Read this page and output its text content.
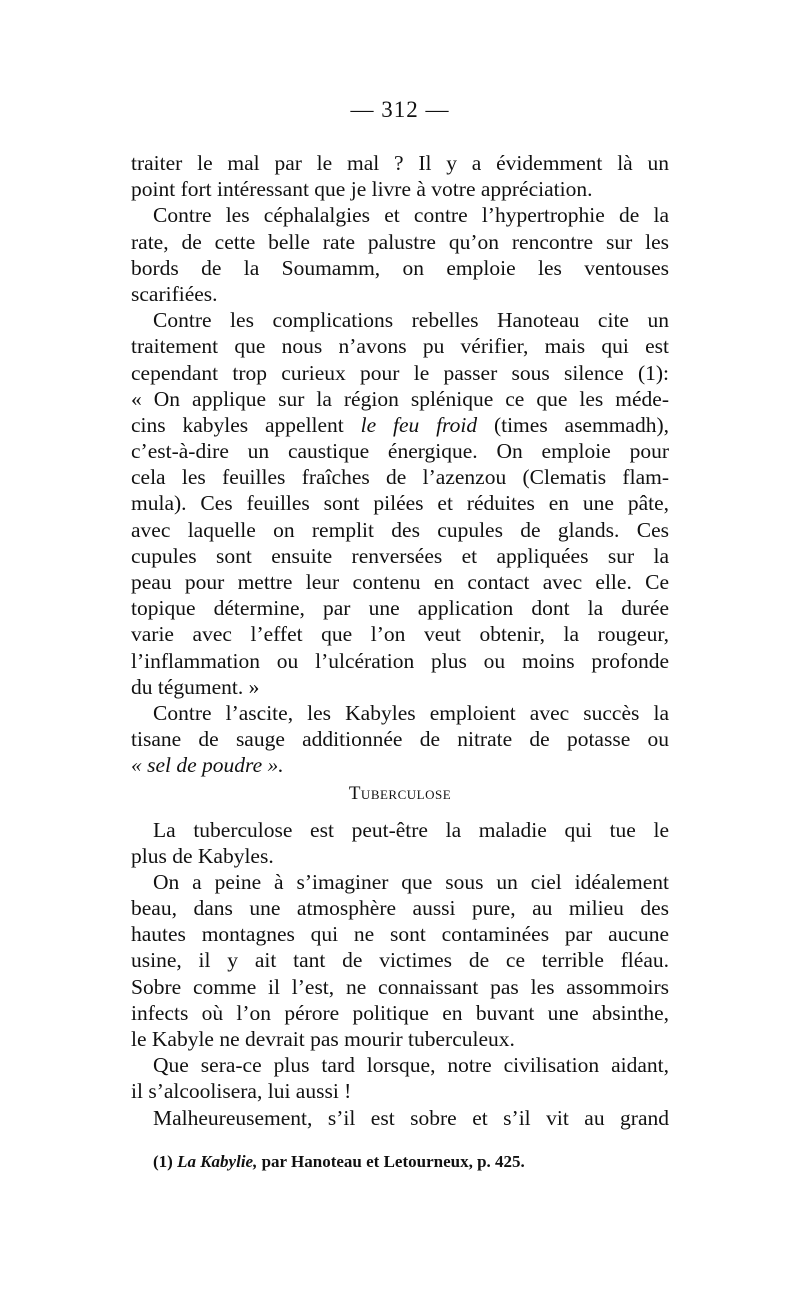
— 312 —
traiter le mal par le mal ? Il y a évidemment là un
point fort intéressant que je livre à votre appréciation.
Contre les céphalalgies et contre l’hypertrophie de la
rate, de cette belle rate palustre qu’on rencontre sur les
bords de la Soumamm, on emploie les ventouses
scarifiées.
Contre les complications rebelles Hanoteau cite un
traitement que nous n’avons pu vérifier, mais qui est
cependant trop curieux pour le passer sous silence (1):
« On applique sur la région splénique ce que les méde-
cins kabyles appellent le feu froid (times asemmadh),
c’est-à-dire un caustique énergique. On emploie pour
cela les feuilles fraîches de l’azenzou (Clematis flam-
mula). Ces feuilles sont pilées et réduites en une pâte,
avec laquelle on remplit des cupules de glands. Ces
cupules sont ensuite renversées et appliquées sur la
peau pour mettre leur contenu en contact avec elle. Ce
topique détermine, par une application dont la durée
varie avec l’effet que l’on veut obtenir, la rougeur,
l’inflammation ou l’ulcération plus ou moins profonde
du tégument. »
Contre l’ascite, les Kabyles emploient avec succès la
tisane de sauge additionnée de nitrate de potasse ou
« sel de poudre ».
Tuberculose
La tuberculose est peut-être la maladie qui tue le
plus de Kabyles.
On a peine à s’imaginer que sous un ciel idéalement
beau, dans une atmosphère aussi pure, au milieu des
hautes montagnes qui ne sont contaminées par aucune
usine, il y ait tant de victimes de ce terrible fléau.
Sobre comme il l’est, ne connaissant pas les assommoirs
infects où l’on pérore politique en buvant une absinthe,
le Kabyle ne devrait pas mourir tuberculeux.
Que sera-ce plus tard lorsque, notre civilisation aidant,
il s’alcoolisera, lui aussi !
Malheureusement, s’il est sobre et s’il vit au grand
(1) La Kabylie, par Hanoteau et Letourneux, p. 425.
